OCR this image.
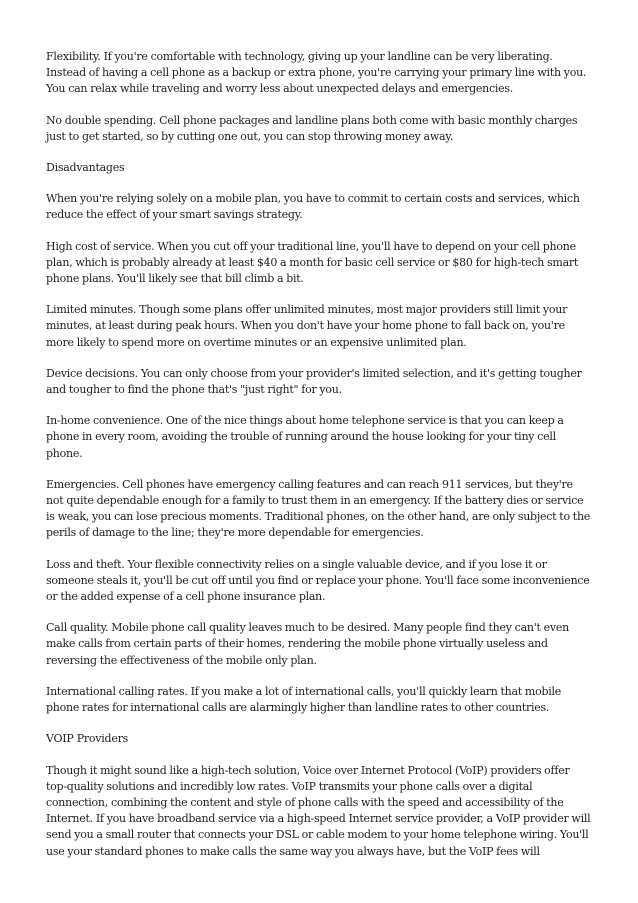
Flexibility. If you're comfortable with technology, giving up your landline can be very liberating. Instead of having a cell phone as a backup or extra phone, you're carrying your primary line with you. You can relax while traveling and worry less about unexpected delays and emergencies.

No double spending. Cell phone packages and landline plans both come with basic monthly charges just to get started, so by cutting one out, you can stop throwing money away.

Disadvantages

When you're relying solely on a mobile plan, you have to commit to certain costs and services, which reduce the effect of your smart savings strategy.

High cost of service. When you cut off your traditional line, you'll have to depend on your cell phone plan, which is probably already at least $40 a month for basic cell service or $80 for high-tech smart phone plans. You'll likely see that bill climb a bit.

Limited minutes. Though some plans offer unlimited minutes, most major providers still limit your minutes, at least during peak hours. When you don't have your home phone to fall back on, you're more likely to spend more on overtime minutes or an expensive unlimited plan.

Device decisions. You can only choose from your provider's limited selection, and it's getting tougher and tougher to find the phone that's "just right" for you.

In-home convenience. One of the nice things about home telephone service is that you can keep a phone in every room, avoiding the trouble of running around the house looking for your tiny cell phone.

Emergencies. Cell phones have emergency calling features and can reach 911 services, but they're not quite dependable enough for a family to trust them in an emergency. If the battery dies or service is weak, you can lose precious moments. Traditional phones, on the other hand, are only subject to the perils of damage to the line; they're more dependable for emergencies.

Loss and theft. Your flexible connectivity relies on a single valuable device, and if you lose it or someone steals it, you'll be cut off until you find or replace your phone. You'll face some inconvenience or the added expense of a cell phone insurance plan.

Call quality. Mobile phone call quality leaves much to be desired. Many people find they can't even make calls from certain parts of their homes, rendering the mobile phone virtually useless and reversing the effectiveness of the mobile only plan.

International calling rates. If you make a lot of international calls, you'll quickly learn that mobile phone rates for international calls are alarmingly higher than landline rates to other countries.

VOIP Providers

Though it might sound like a high-tech solution, Voice over Internet Protocol (VoIP) providers offer top-quality solutions and incredibly low rates. VoIP transmits your phone calls over a digital connection, combining the content and style of phone calls with the speed and accessibility of the Internet. If you have broadband service via a high-speed Internet service provider, a VoIP provider will send you a small router that connects your DSL or cable modem to your home telephone wiring. You'll use your standard phones to make calls the same way you always have, but the VoIP fees will
